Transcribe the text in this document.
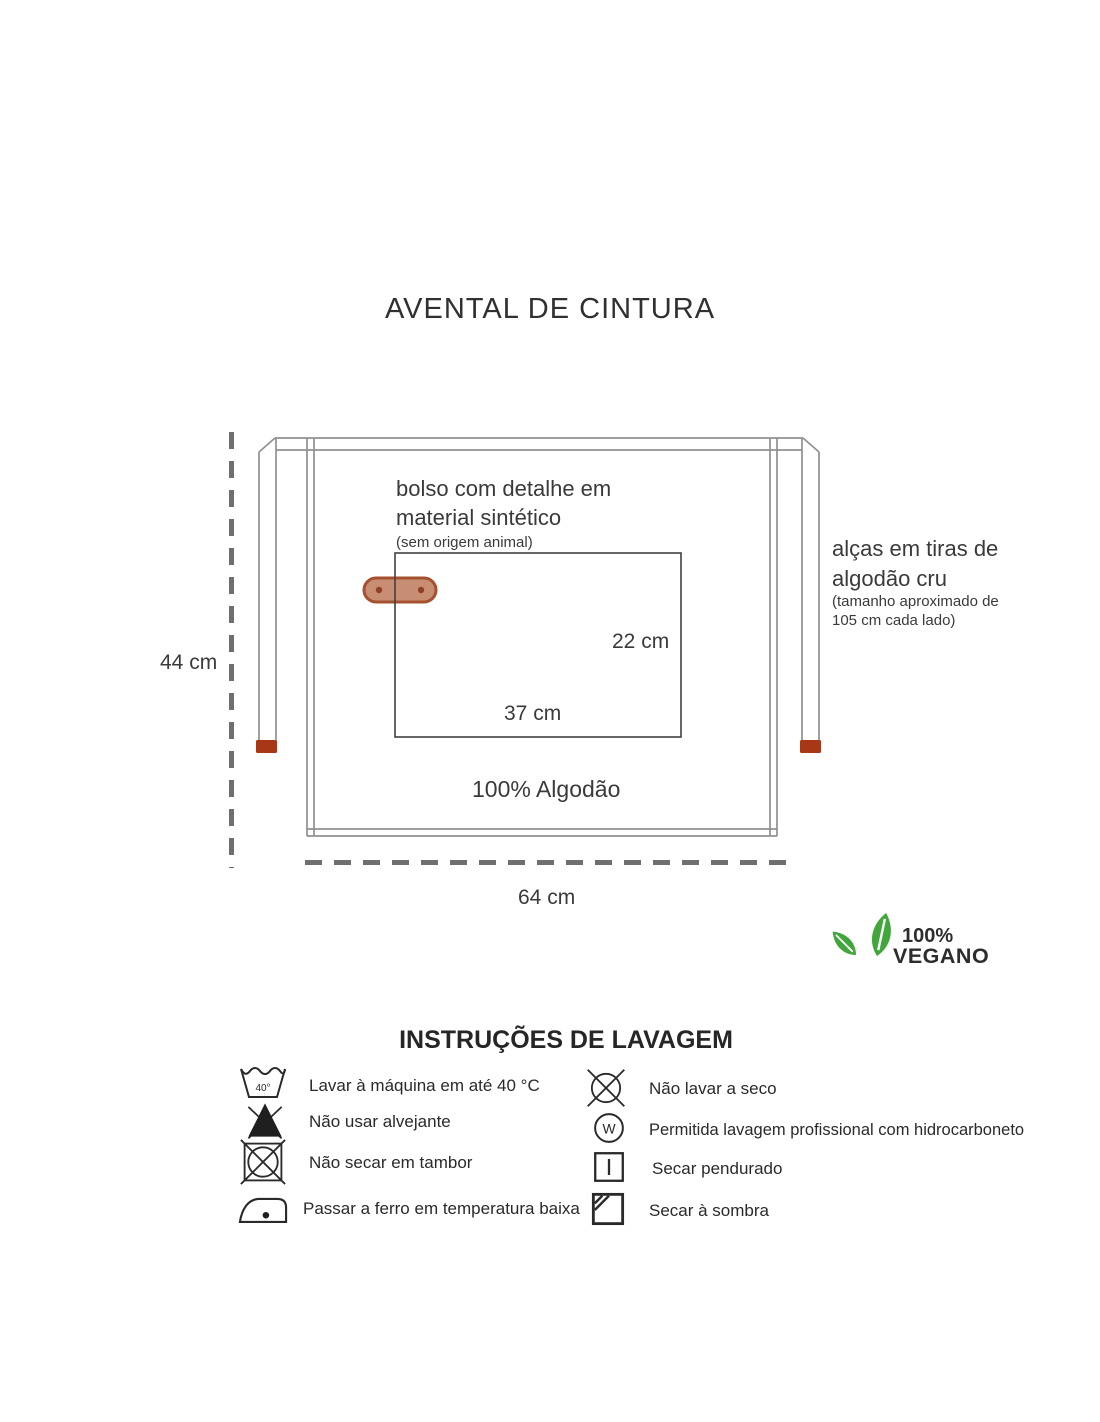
AVENTAL DE CINTURA
bolso com detalhe em
material sintético
(sem origem animal)
22 cm
37 cm
100% Algodão
44 cm
64 cm
alças em tiras de
algodão cru
(tamanho aproximado de
105 cm cada lado)
100%
VEGANO
INSTRUÇÕES DE LAVAGEM
40° Lavar à máquina em até 40 °C
Não usar alvejante
Não secar em tambor
Passar a ferro em temperatura baixa
Não lavar a seco
W Permitida lavagem profissional com hidrocarboneto
Secar pendurado
Secar à sombra
